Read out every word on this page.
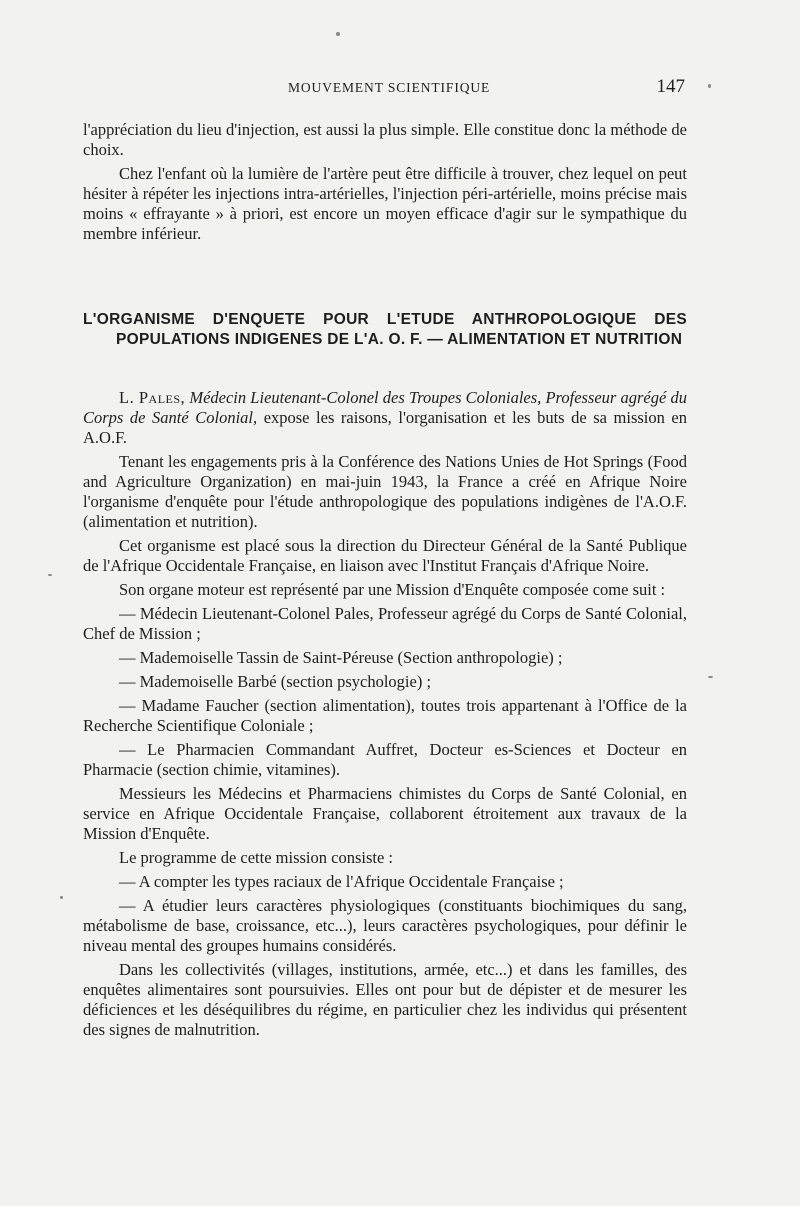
MOUVEMENT SCIENTIFIQUE	147

l'appréciation du lieu d'injection, est aussi la plus simple. Elle constitue donc la méthode de choix.

Chez l'enfant où la lumière de l'artère peut être difficile à trouver, chez lequel on peut hésiter à répéter les injections intra-artérielles, l'injection péri-artérielle, moins précise mais moins « effrayante » à priori, est encore un moyen efficace d'agir sur le sympathique du membre inférieur.

L'ORGANISME D'ENQUETE POUR L'ETUDE ANTHROPOLOGIQUE DES POPULATIONS INDIGENES DE L'A. O. F. — ALIMENTATION ET NUTRITION

L. Pales, Médecin Lieutenant-Colonel des Troupes Coloniales, Professeur agrégé du Corps de Santé Colonial, expose les raisons, l'organisation et les buts de sa mission en A.O.F.

Tenant les engagements pris à la Conférence des Nations Unies de Hot Springs (Food and Agriculture Organization) en mai-juin 1943, la France a créé en Afrique Noire l'organisme d'enquête pour l'étude anthropologique des populations indigènes de l'A.O.F. (alimentation et nutrition).

Cet organisme est placé sous la direction du Directeur Général de la Santé Publique de l'Afrique Occidentale Française, en liaison avec l'Institut Français d'Afrique Noire.

Son organe moteur est représenté par une Mission d'Enquête composée come suit :

— Médecin Lieutenant-Colonel Pales, Professeur agrégé du Corps de Santé Colonial, Chef de Mission ;

— Mademoiselle Tassin de Saint-Péreuse (Section anthropologie) ;

— Mademoiselle Barbé (section psychologie) ;

— Madame Faucher (section alimentation), toutes trois appartenant à l'Office de la Recherche Scientifique Coloniale ;

— Le Pharmacien Commandant Auffret, Docteur es-Sciences et Docteur en Pharmacie (section chimie, vitamines).

Messieurs les Médecins et Pharmaciens chimistes du Corps de Santé Colonial, en service en Afrique Occidentale Française, collaborent étroitement aux travaux de la Mission d'Enquête.

Le programme de cette mission consiste :

— A compter les types raciaux de l'Afrique Occidentale Française ;

— A étudier leurs caractères physiologiques (constituants biochimiques du sang, métabolisme de base, croissance, etc...), leurs caractères psychologiques, pour définir le niveau mental des groupes humains considérés.

Dans les collectivités (villages, institutions, armée, etc...) et dans les familles, des enquêtes alimentaires sont poursuivies. Elles ont pour but de dépister et de mesurer les déficiences et les déséquilibres du régime, en particulier chez les individus qui présentent des signes de malnutrition.
